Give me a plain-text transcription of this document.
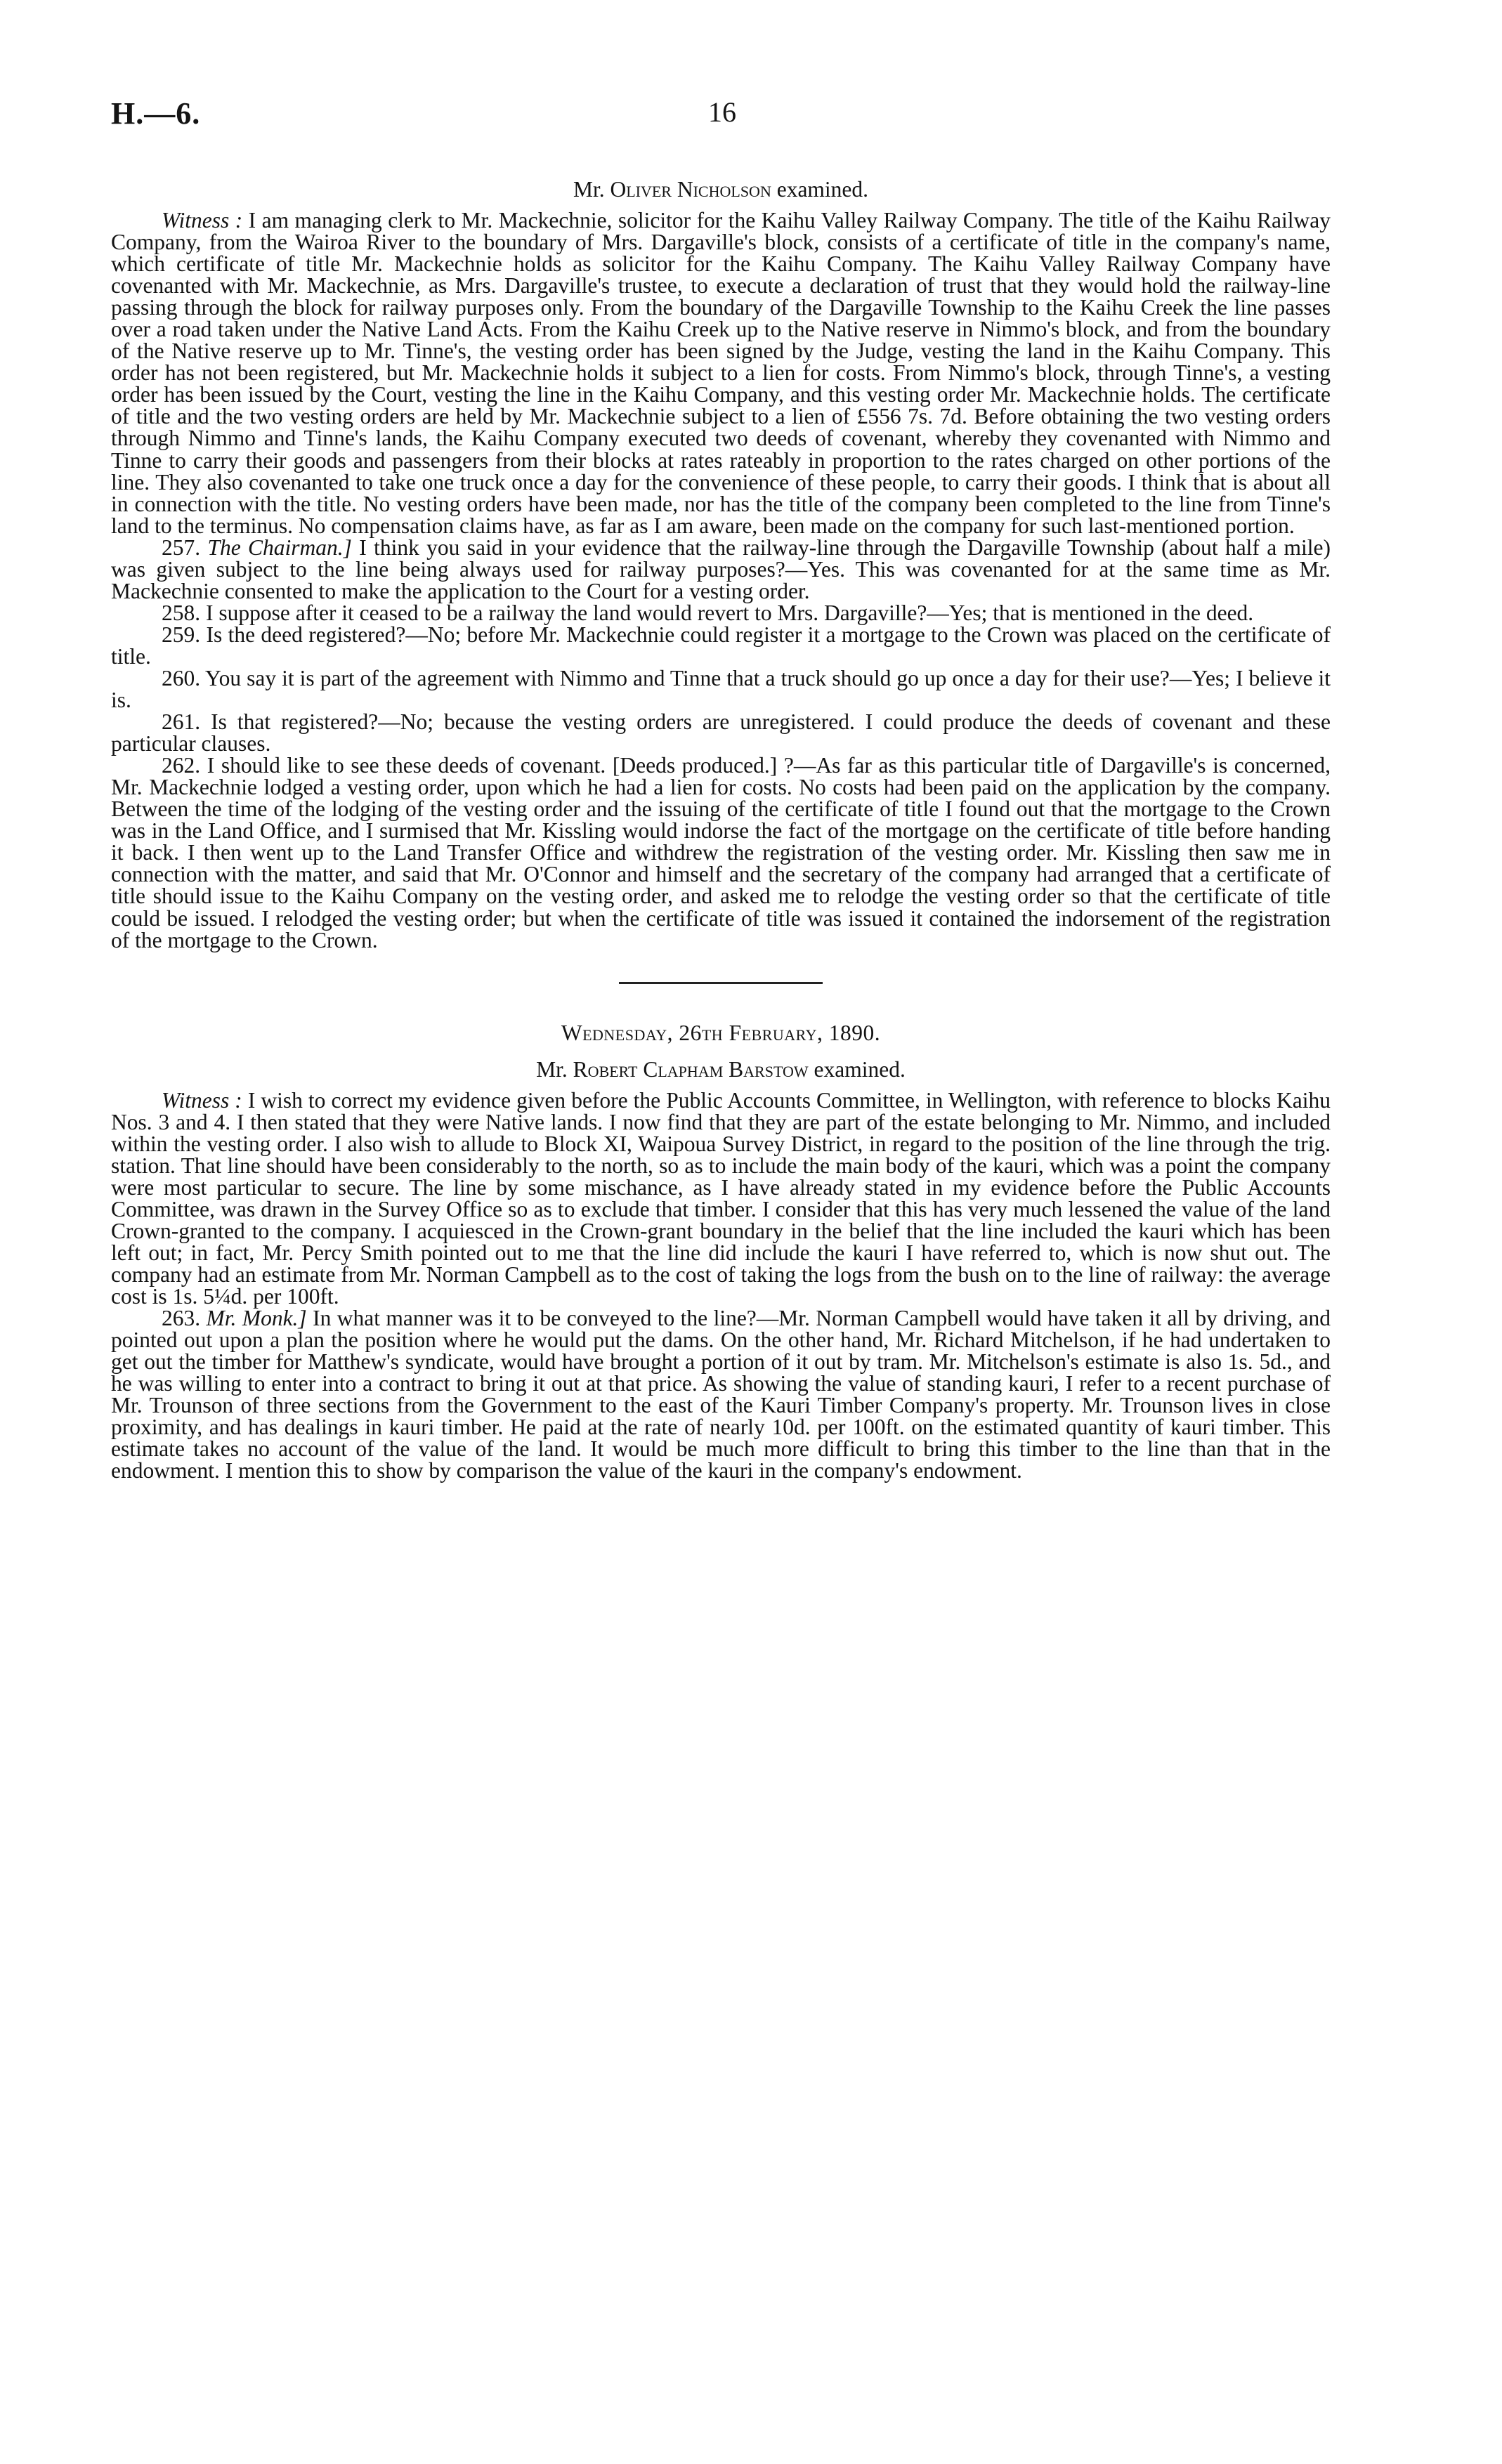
H.—6.	16

Mr. Oliver Nicholson examined.

Witness : I am managing clerk to Mr. Mackechnie, solicitor for the Kaihu Valley Railway Company. The title of the Kaihu Railway Company, from the Wairoa River to the boundary of Mrs. Dargaville's block, consists of a certificate of title in the company's name, which certificate of title Mr. Mackechnie holds as solicitor for the Kaihu Company. The Kaihu Valley Railway Company have covenanted with Mr. Mackechnie, as Mrs. Dargaville's trustee, to execute a declaration of trust that they would hold the railway-line passing through the block for railway purposes only. From the boundary of the Dargaville Township to the Kaihu Creek the line passes over a road taken under the Native Land Acts. From the Kaihu Creek up to the Native reserve in Nimmo's block, and from the boundary of the Native reserve up to Mr. Tinne's, the vesting order has been signed by the Judge, vesting the land in the Kaihu Company. This order has not been registered, but Mr. Mackechnie holds it subject to a lien for costs. From Nimmo's block, through Tinne's, a vesting order has been issued by the Court, vesting the line in the Kaihu Company, and this vesting order Mr. Mackechnie holds. The certificate of title and the two vesting orders are held by Mr. Mackechnie subject to a lien of £556 7s. 7d. Before obtaining the two vesting orders through Nimmo and Tinne's lands, the Kaihu Company executed two deeds of covenant, whereby they covenanted with Nimmo and Tinne to carry their goods and passengers from their blocks at rates rateably in proportion to the rates charged on other portions of the line. They also covenanted to take one truck once a day for the convenience of these people, to carry their goods. I think that is about all in connection with the title. No vesting orders have been made, nor has the title of the company been completed to the line from Tinne's land to the terminus. No compensation claims have, as far as I am aware, been made on the company for such last-mentioned portion.

257. The Chairman.] I think you said in your evidence that the railway-line through the Dargaville Township (about half a mile) was given subject to the line being always used for railway purposes?—Yes. This was covenanted for at the same time as Mr. Mackechnie consented to make the application to the Court for a vesting order.

258. I suppose after it ceased to be a railway the land would revert to Mrs. Dargaville?—Yes; that is mentioned in the deed.

259. Is the deed registered?—No; before Mr. Mackechnie could register it a mortgage to the Crown was placed on the certificate of title.

260. You say it is part of the agreement with Nimmo and Tinne that a truck should go up once a day for their use?—Yes; I believe it is.

261. Is that registered?—No; because the vesting orders are unregistered. I could produce the deeds of covenant and these particular clauses.

262. I should like to see these deeds of covenant. [Deeds produced.] ?—As far as this particular title of Dargaville's is concerned, Mr. Mackechnie lodged a vesting order, upon which he had a lien for costs. No costs had been paid on the application by the company. Between the time of the lodging of the vesting order and the issuing of the certificate of title I found out that the mortgage to the Crown was in the Land Office, and I surmised that Mr. Kissling would indorse the fact of the mortgage on the certificate of title before handing it back. I then went up to the Land Transfer Office and withdrew the registration of the vesting order. Mr. Kissling then saw me in connection with the matter, and said that Mr. O'Connor and himself and the secretary of the company had arranged that a certificate of title should issue to the Kaihu Company on the vesting order, and asked me to relodge the vesting order so that the certificate of title could be issued. I relodged the vesting order; but when the certificate of title was issued it contained the indorsement of the registration of the mortgage to the Crown.

Wednesday, 26th February, 1890.

Mr. Robert Clapham Barstow examined.

Witness : I wish to correct my evidence given before the Public Accounts Committee, in Wellington, with reference to blocks Kaihu Nos. 3 and 4. I then stated that they were Native lands. I now find that they are part of the estate belonging to Mr. Nimmo, and included within the vesting order. I also wish to allude to Block XI, Waipoua Survey District, in regard to the position of the line through the trig. station. That line should have been considerably to the north, so as to include the main body of the kauri, which was a point the company were most particular to secure. The line by some mischance, as I have already stated in my evidence before the Public Accounts Committee, was drawn in the Survey Office so as to exclude that timber. I consider that this has very much lessened the value of the land Crown-granted to the company. I acquiesced in the Crown-grant boundary in the belief that the line included the kauri which has been left out; in fact, Mr. Percy Smith pointed out to me that the line did include the kauri I have referred to, which is now shut out. The company had an estimate from Mr. Norman Campbell as to the cost of taking the logs from the bush on to the line of railway: the average cost is 1s. 5¼d. per 100ft.

263. Mr. Monk.] In what manner was it to be conveyed to the line?—Mr. Norman Campbell would have taken it all by driving, and pointed out upon a plan the position where he would put the dams. On the other hand, Mr. Richard Mitchelson, if he had undertaken to get out the timber for Matthew's syndicate, would have brought a portion of it out by tram. Mr. Mitchelson's estimate is also 1s. 5d., and he was willing to enter into a contract to bring it out at that price. As showing the value of standing kauri, I refer to a recent purchase of Mr. Trounson of three sections from the Government to the east of the Kauri Timber Company's property. Mr. Trounson lives in close proximity, and has dealings in kauri timber. He paid at the rate of nearly 10d. per 100ft. on the estimated quantity of kauri timber. This estimate takes no account of the value of the land. It would be much more difficult to bring this timber to the line than that in the endowment. I mention this to show by comparison the value of the kauri in the company's endowment.
